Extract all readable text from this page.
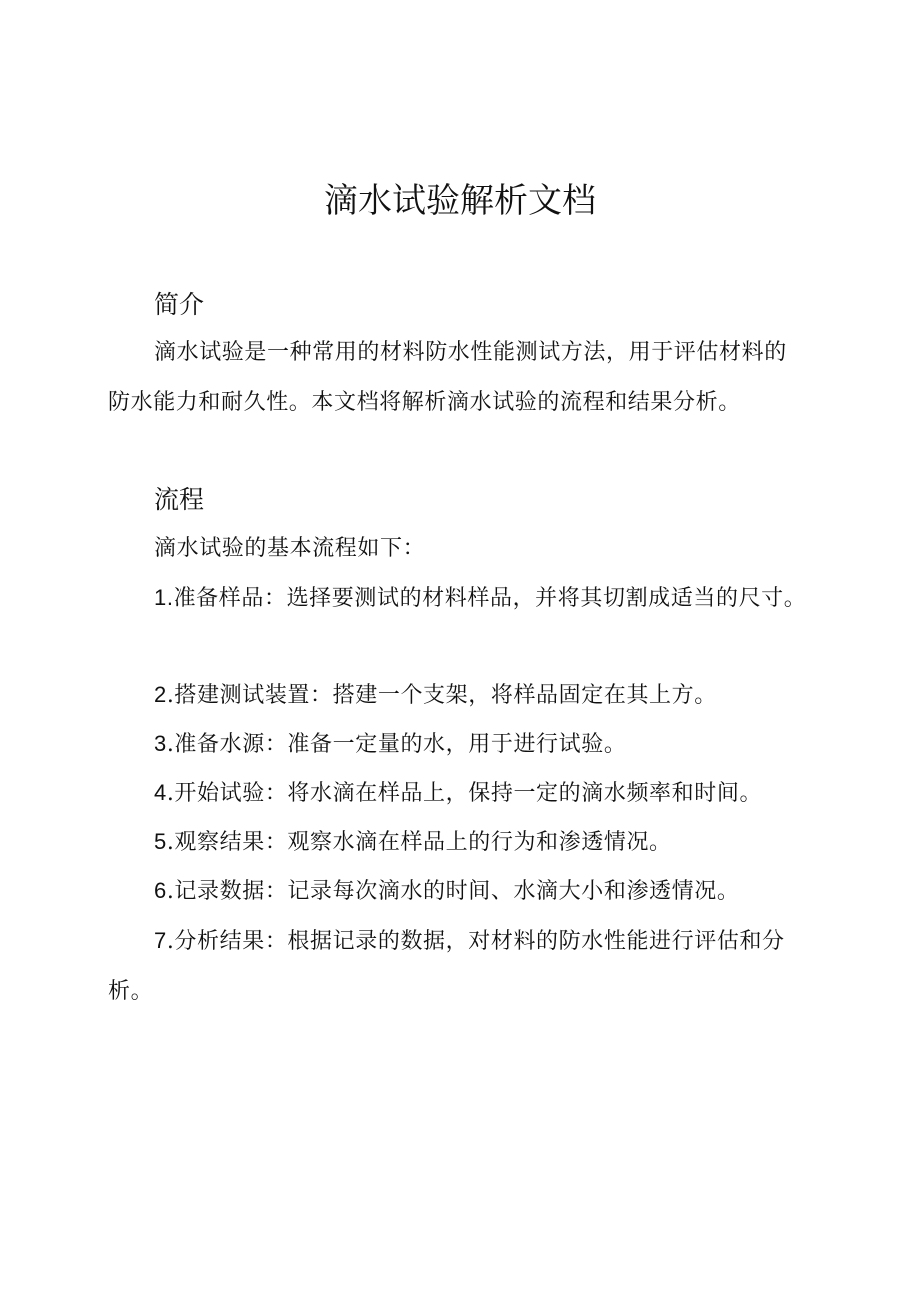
滴水试验解析文档
简介

滴水试验是一种常用的材料防水性能测试方法，用于评估材料的防水能力和耐久性。本文档将解析滴水试验的流程和结果分析。

流程

滴水试验的基本流程如下：

1.准备样品：选择要测试的材料样品，并将其切割成适当的尺寸。

2.搭建测试装置：搭建一个支架，将样品固定在其上方。

3.准备水源：准备一定量的水，用于进行试验。

4.开始试验：将水滴在样品上，保持一定的滴水频率和时间。

5.观察结果：观察水滴在样品上的行为和渗透情况。

6.记录数据：记录每次滴水的时间、水滴大小和渗透情况。

7.分析结果：根据记录的数据，对材料的防水性能进行评估和分析。
